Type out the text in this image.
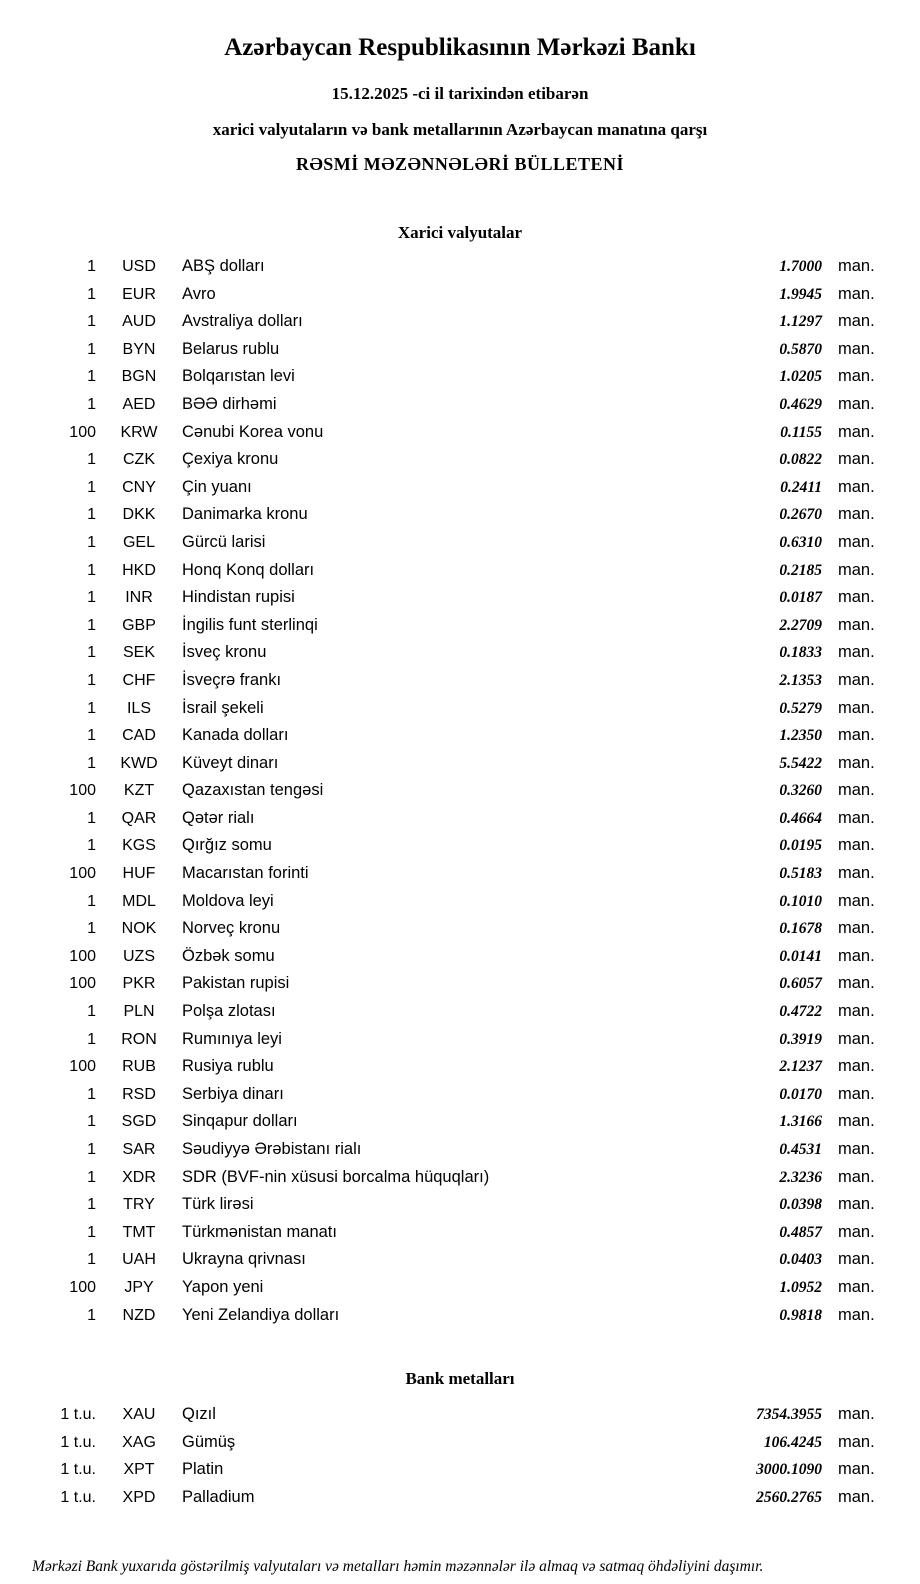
Azərbaycan Respublikasının Mərkəzi Bankı

15.12.2025 -ci il tarixindən etibarən

xarici valyutaların və bank metallarının Azərbaycan manatına qarşı

RƏSMİ MƏZƏNNƏLƏRİ BÜLLETENİ

Xarici valyutalar
1	USD	ABŞ dolları	1.7000 man.
1	EUR	Avro	1.9945 man.
1	AUD	Avstraliya dolları	1.1297 man.
1	BYN	Belarus rublu	0.5870 man.
1	BGN	Bolqarıstan levi	1.0205 man.
1	AED	BƏƏ dirhəmi	0.4629 man.
100	KRW	Cənubi Korea vonu	0.1155 man.
1	CZK	Çexiya kronu	0.0822 man.
1	CNY	Çin yuanı	0.2411 man.
1	DKK	Danimarka kronu	0.2670 man.
1	GEL	Gürcü larisi	0.6310 man.
1	HKD	Honq Konq dolları	0.2185 man.
1	INR	Hindistan rupisi	0.0187 man.
1	GBP	İngilis funt sterlinqi	2.2709 man.
1	SEK	İsveç kronu	0.1833 man.
1	CHF	İsveçrə frankı	2.1353 man.
1	ILS	İsrail şekeli	0.5279 man.
1	CAD	Kanada dolları	1.2350 man.
1	KWD	Küveyt dinarı	5.5422 man.
100	KZT	Qazaxıstan tengəsi	0.3260 man.
1	QAR	Qətər rialı	0.4664 man.
1	KGS	Qırğız somu	0.0195 man.
100	HUF	Macarıstan forinti	0.5183 man.
1	MDL	Moldova leyi	0.1010 man.
1	NOK	Norveç kronu	0.1678 man.
100	UZS	Özbək somu	0.0141 man.
100	PKR	Pakistan rupisi	0.6057 man.
1	PLN	Polşa zlotası	0.4722 man.
1	RON	Rumınıya leyi	0.3919 man.
100	RUB	Rusiya rublu	2.1237 man.
1	RSD	Serbiya dinarı	0.0170 man.
1	SGD	Sinqapur dolları	1.3166 man.
1	SAR	Səudiyyə Ərəbistanı rialı	0.4531 man.
1	XDR	SDR (BVF-nin xüsusi borcalma hüquqları)	2.3236 man.
1	TRY	Türk lirəsi	0.0398 man.
1	TMT	Türkmənistan manatı	0.4857 man.
1	UAH	Ukrayna qrivnası	0.0403 man.
100	JPY	Yapon yeni	1.0952 man.
1	NZD	Yeni Zelandiya dolları	0.9818 man.
Bank metalları
1 t.u.	XAU	Qızıl	7354.3955 man.
1 t.u.	XAG	Gümüş	106.4245 man.
1 t.u.	XPT	Platin	3000.1090 man.
1 t.u.	XPD	Palladium	2560.2765 man.

Mərkəzi Bank yuxarıda göstərilmiş valyutaları və metalları həmin məzənnələr ilə almaq və satmaq öhdəliyini daşımır.
